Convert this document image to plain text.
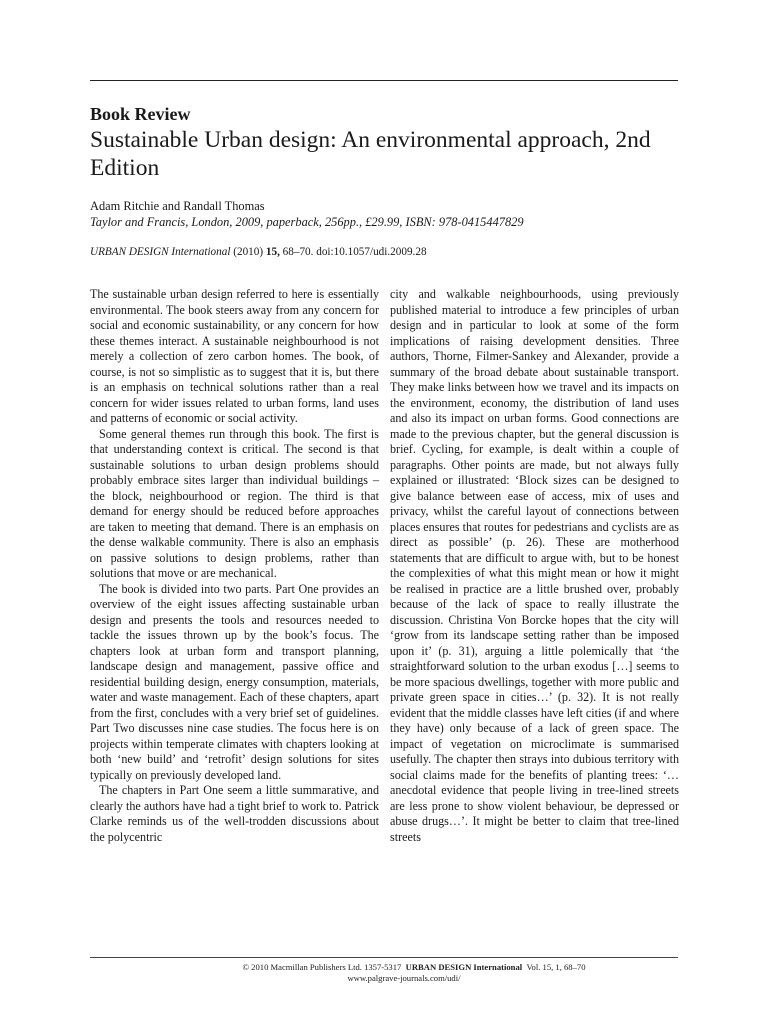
Book Review
Sustainable Urban design: An environmental approach, 2nd Edition

Adam Ritchie and Randall Thomas

Taylor and Francis, London, 2009, paperback, 256pp., £29.99, ISBN: 978-0415447829

URBAN DESIGN International (2010) 15, 68–70. doi:10.1057/udi.2009.28

The sustainable urban design referred to here is essentially environmental. The book steers away from any concern for social and economic sustainability, or any concern for how these themes interact. A sustainable neighbourhood is not merely a collection of zero carbon homes. The book, of course, is not so simplistic as to suggest that it is, but there is an emphasis on technical solutions rather than a real concern for wider issues related to urban forms, land uses and patterns of economic or social activity.

Some general themes run through this book. The first is that understanding context is critical. The second is that sustainable solutions to urban design problems should probably embrace sites larger than individual buildings – the block, neighbourhood or region. The third is that demand for energy should be reduced before approaches are taken to meeting that demand. There is an emphasis on the dense walkable community. There is also an emphasis on passive solutions to design problems, rather than solutions that move or are mechanical.

The book is divided into two parts. Part One provides an overview of the eight issues affecting sustainable urban design and presents the tools and resources needed to tackle the issues thrown up by the book’s focus. The chapters look at urban form and transport planning, landscape design and management, passive office and residential building design, energy consumption, materials, water and waste management. Each of these chapters, apart from the first, concludes with a very brief set of guidelines. Part Two discusses nine case studies. The focus here is on projects within temperate climates with chapters looking at both ‘new build’ and ‘retrofit’ design solutions for sites typically on previously developed land.

The chapters in Part One seem a little summarative, and clearly the authors have had a tight brief to work to. Patrick Clarke reminds us of the well-trodden discussions about the polycentric

city and walkable neighbourhoods, using previously published material to introduce a few principles of urban design and in particular to look at some of the form implications of raising development densities. Three authors, Thorne, Filmer-Sankey and Alexander, provide a summary of the broad debate about sustainable transport. They make links between how we travel and its impacts on the environment, economy, the distribution of land uses and also its impact on urban forms. Good connections are made to the previous chapter, but the general discussion is brief. Cycling, for example, is dealt within a couple of paragraphs. Other points are made, but not always fully explained or illustrated: ‘Block sizes can be designed to give balance between ease of access, mix of uses and privacy, whilst the careful layout of connections between places ensures that routes for pedestrians and cyclists are as direct as possible’ (p. 26). These are motherhood statements that are difficult to argue with, but to be honest the complexities of what this might mean or how it might be realised in practice are a little brushed over, probably because of the lack of space to really illustrate the discussion. Christina Von Borcke hopes that the city will ‘grow from its landscape setting rather than be imposed upon it’ (p. 31), arguing a little polemically that ‘the straightforward solution to the urban exodus […] seems to be more spacious dwellings, together with more public and private green space in cities…’ (p. 32). It is not really evident that the middle classes have left cities (if and where they have) only because of a lack of green space. The impact of vegetation on microclimate is summarised usefully. The chapter then strays into dubious territory with social claims made for the benefits of planting trees: ‘…anecdotal evidence that people living in tree-lined streets are less prone to show violent behaviour, be depressed or abuse drugs…’. It might be better to claim that tree-lined streets

© 2010 Macmillan Publishers Ltd. 1357-5317 URBAN DESIGN International Vol. 15, 1, 68–70
www.palgrave-journals.com/udi/
